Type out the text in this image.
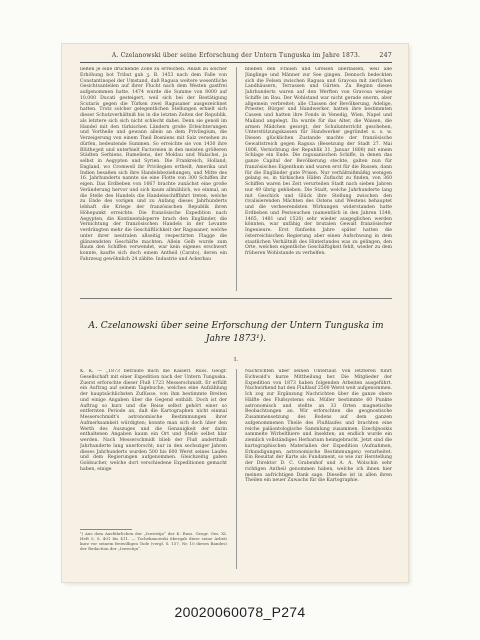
A. Czelanowski über seine Erforschung der Untern Tunguska im Jahre 1873.	247
ließen je eine drückende Zölle zu erreichen. Anlaß zu solcher Erhöhung bot Tribut gab ʒ. B. 1453 nach dem Falle von Constantinopel der Umstand, daß Ragusa weitere wesentliche Gesichtsanteilen auf ihrer Flucht nach dem Westen gastfrei aufgenommen hatte. 1474 wurde die Summe von 8000 auf 10,000 Ducati gesteigert, weil sich bei der Bestätigung Scutaris gegen die Türken zwei Ragusaner ausgezeichnet hatten. Trotz solcher gelegentlichen Stellungen erhielt sich dieser Schutzverhältniß bis in die letzten Zeiten der Republik, als letztere sich sich nicht schlecht dabei. Denn sie genoß im Handel mit den türkischen Ländern große Erleichterungen und Vortheile und gewann allein an dem Privilegium, die Verzeigerung von einem Theil Bosniens mit Salz versehen zu dürfen, bedeutende Summen. So erreichte sie von 1430 ihre Blütheʒeit und unterhielt Factoreien in den meisten größeren Städten Serbiens, Rumeliens, der Moldau und Walachei, ja selbst in Aegypten und Syrien. Die Frankreich, Holland, England, wo Cromwell ihr Privilegien ertheilt, Amerika und Indien besaßen sich ihre Handelsbeziehungen, und Mitte des 16. Jahrhunderts nannte sie eine Flotte von 300 Schiffen ihr eigen. Das Erdbeben von 1667 brachte zunächst eine große Veränderung hervor und sich kaum allmählich, wo einmal, an die Stelle des Handels die Handelsschifffahrt treten, welche zu Ende des vorigen und zu Anfang dieses Jahrhunderts lebhaft die Kriege der französischen Republik ihren Höhepunkt erreichte. Die französische Expedition nach Aegypten, die Kontinentalsperre brach den Engländer, die Vernichtung der französischen Handels in der Levante verdrängten mehr die Geschäftlichkeit der Ragusaner, welche unter ihrer neutralen allseitig respectirten Flagge die glänzendsten Geschäfte machten. Allein Gelb wurde zum Baum den Schiffen verwendet, war kein eigenes erschwert konnte, kaufte sich doch einem Antheil (Carato), deren ein Fahrzeug gewöhnlich 24 zählte. Industrie und Ackerbau
blieben den Frauen und Greisen überlassen, weil alle Jünglinge und Männer zur See gingen. Dennoch bedeckten sich die Felsen zwischen Ragusa und Gravosa mit zierlichen Landhäusern, Terrassen und Gärten. Zu Beginn dieses Jahrhunderts waren auf den Werften von Gravosa wenige Schiffe im Bau. Der Wohlstand war nicht gerade enorm, aber allgemein verbreitet; alle Classen der Bevölkerung, Adelige, Priester, Bürger und Handwerker, hatten ihre bestimmten Cassen und hatten ihre Fonds in Venedig, Wien, Napel und Mailand angelegt. Da wurde für das Alter, die Waisen, die armen Mädchen gesorgt, der Schulunterricht geschehen, Unterstützungskassen für Handwerker gegründet u. s. w. Diesen glücklichen Zustande machte der französische Gewaltstreich gegen Ragusa (Besetzung der Stadt 27. Mai 1806, Vernichtung der Republik 31. Januar 1808) mit einem Schlage ein Ende. Die ragusanischen Schiffe, in denen das ganze Capital der Bevölkerung steckte, galten nun für französisches Eigenthum und waren erst für die Russen, dann für die Engländer gute Prisen. Nur verhältnißmäßig wenigen gelang es, in türkischen Häfen Zuflucht zu finden, von 360 Schiffen waren bei Zeit verurteilen Stadt nach sieben Jahren nur 49 übrig geblieben. Die Stadt, welche Jahrhunderte lang mit Geschick und Glück ihre Stellung zwischen den rivalisierenden Mächten des Ostens und Westens behauptet und die verheerendsten Wirkungen widerstanden hatte Erdbeben und Pestseuchen (namentlich in den Jahren 1348, 1465, 1481 und 1526) sehr wieder ausgeglichen werden könnten, war unfähig der brutalen Gewalt französischer Ingenieure. Erst fünfzehn Jahre später hatten die österreichischen Regierung aber einen Aufschwung in dem staatlichen Verhältniß des Hinterlandes was zu gelingen, den Orte, welchen eigentliche Geschäftigkeit fehlt, wieder zu dem früheren Wohlstande zu verhelfen.
A. Czelanowski über seine Erforschung der Untern Tunguska im Jahre 1873¹).
I.
K. K. — „1873 betraute mich die Kaiserl. Russ. Geogr. Gesellschaft mit einer Expedition nach der Untern Tunguska. Zuerst erforschte dieser Fluß 1723 Messerschmidt. Er erfüllt ein Auftrag auf seinem Tagebuche, welches eine Aufzählung der hauptsächlichsten Zuflüsse, von ihm bestimmte Breiten und einige Angaben über die Gegend enthält. Doch ist der Auftrag so kurz und die Reise selbst gehört einer so entfernten Periode an, daß die Kartographen nicht einmal Messerschmidt's astronomische Bestimmungen ihrer Aufmerksamkeit würdigten; konnte man sich doch über den Werth des Auszuges und die Genauigkeit der darin enthaltenen Angaben kaum ein Ort und Stelle selbst klar werden. Nach Messerschmidt blieb der Fluß anderthalb Jahrhunderte lang unerforscht; nur in den sechsziger Jahren dieses Jahrhunderts wurden 500 bis 600 Werst seines Laufes und dem Regierungen aufgenommen. Gleichzeitig gaben Goldsucher, welche dort verschiedene Expeditionen gemacht haben, einige
Nachrichten über seinen Unterlauf. Von letzteren führt Eichwald's kurze Mittheilung her. Die Mitglieder der Expedition von 1873 haben folgenden Arbeiten ausgeführt. Nachwirkend hat den Flußlauf 2500 Werst weit aufgenommen. Ich zog zur Ergänzung Nachrichten über die ganze obere Hälfte des Flußsystems ein. Müller bestimmte 60 Punkte astronomisch und stellte an 33 Orten magnetische Beobachtungen an. Wir erforschten die geognostische Zusammensetzung des Bodens auf dem ganzen aufgenommenen Theile des Flußlaufes und brachten eine reiche paläontologische Sammlung zusammen. Ezechjnoskis sammelte Wirbelthiere und Insekten; an endlich wurde ein ziemlich vollständiges Herbarium heimgebracht. Jetzt sind die kartographischen Materialien der Expedition (Aufnahmen, Erkundigungen, astronomische Bestimmungen) verarbeitet. Ein Resultat der Karte als Fundament, so wie zur Herstellung der Direktor D. C. Grabenhof und A. A. Wolschin sehr richtigen Antheil genommen haben, welche ich ihnen hier meinen aufrichtigen Dank sage. Dieselbe ist in allen ihren Theilen ein neuer Zuwachs für die Kartographie.
¹) Aus dem Ausführlichen der „Iswestija“ der K. Russ. Geogr. Ges. XI. Heft 5, S. 401 bis 411. — Tschekanowski übergab diese seine Arbeit kurz vor seinem freiwilligen Tode (vergl. S. 157, Nr. 10 dieses Bandes) der Redaction der „Iswestija“.
20020060078_P274
